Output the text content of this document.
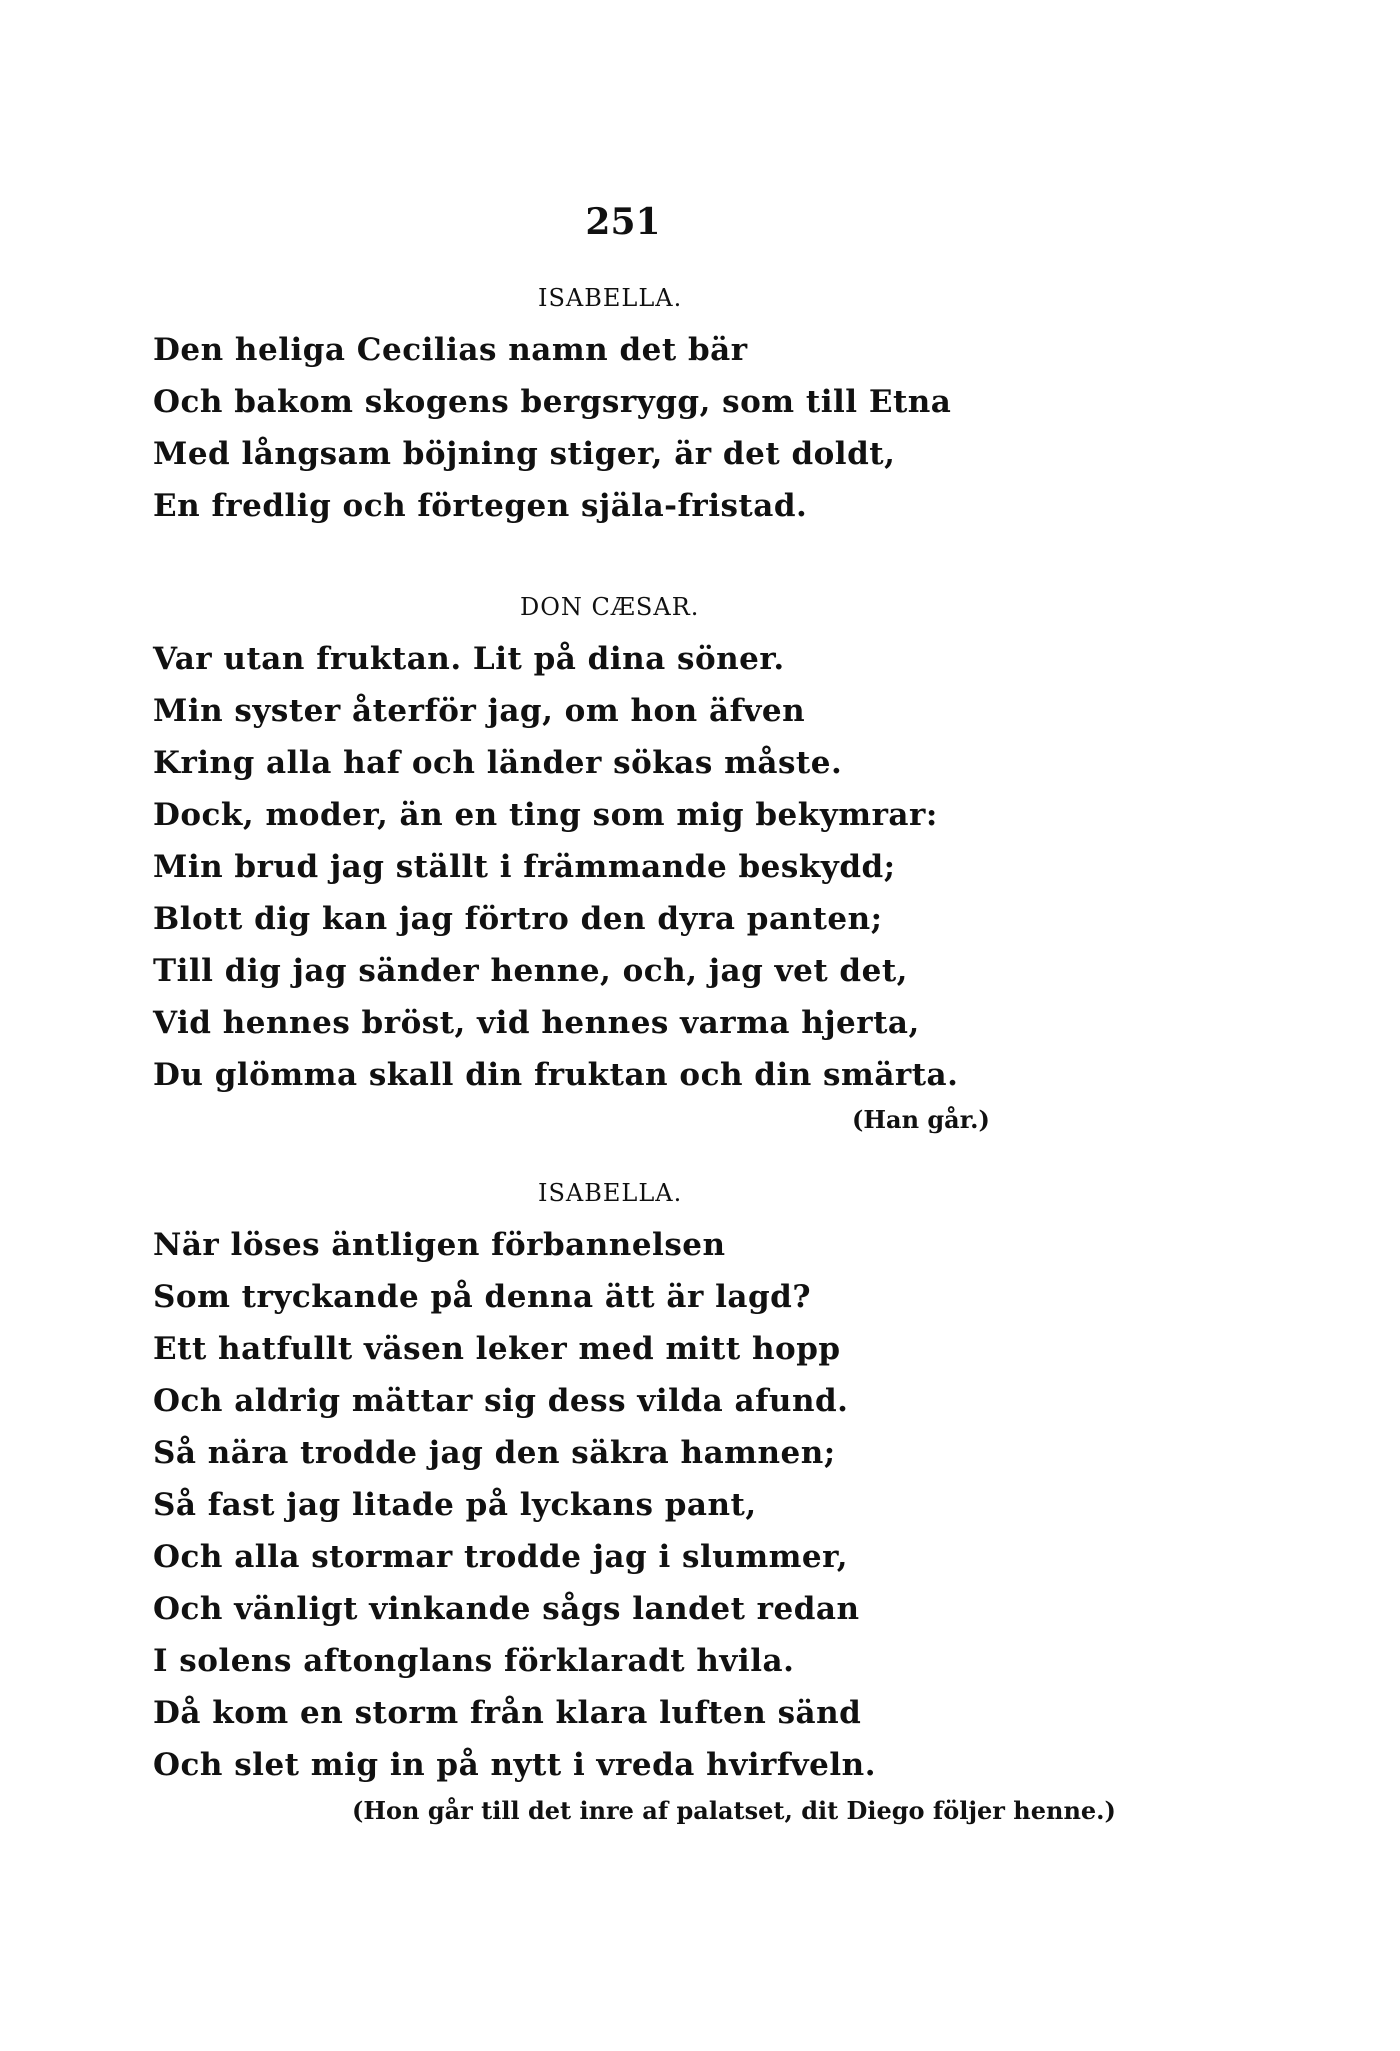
251
ISABELLA.
Den heliga Cecilias namn det bär
Och bakom skogens bergsrygg, som till Etna
Med långsam böjning stiger, är det doldt,
En fredlig och förtegen själa-fristad.
DON CÆSAR.
Var utan fruktan. Lit på dina söner.
Min syster återför jag, om hon äfven
Kring alla haf och länder sökas måste.
Dock, moder, än en ting som mig bekymrar:
Min brud jag ställt i främmande beskydd;
Blott dig kan jag förtro den dyra panten;
Till dig jag sänder henne, och, jag vet det,
Vid hennes bröst, vid hennes varma hjerta,
Du glömma skall din fruktan och din smärta.
(Han går.)
ISABELLA.
När löses äntligen förbannelsen
Som tryckande på denna ätt är lagd?
Ett hatfullt väsen leker med mitt hopp
Och aldrig mättar sig dess vilda afund.
Så nära trodde jag den säkra hamnen;
Så fast jag litade på lyckans pant,
Och alla stormar trodde jag i slummer,
Och vänligt vinkande sågs landet redan
I solens aftonglans förklaradt hvila.
Då kom en storm från klara luften sänd
Och slet mig in på nytt i vreda hvirfveln.
(Hon går till det inre af palatset, dit Diego följer henne.)
